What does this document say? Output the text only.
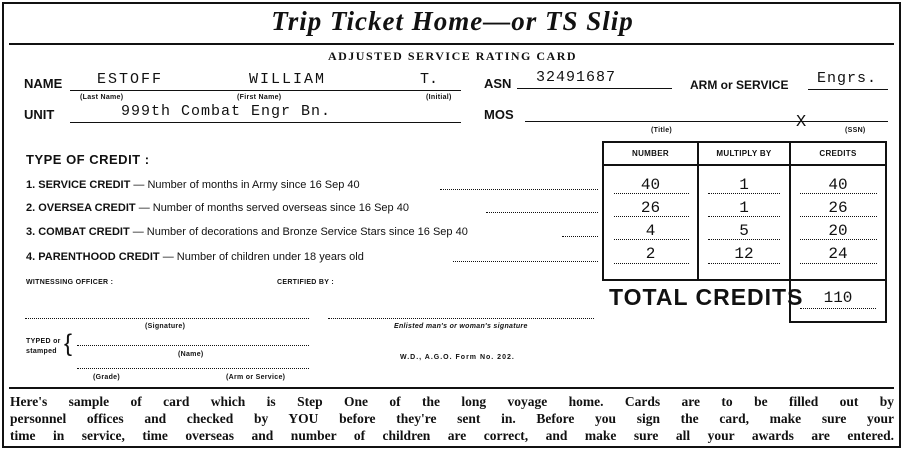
Trip Ticket Home—or TS Slip
ADJUSTED SERVICE RATING CARD
NAME ESTOFF	WILLIAM	T.
(Last Name)	(First Name)	(Initial)
ASN 32491687	ARM or SERVICE Engrs.
UNIT	999th Combat Engr Bn.	MOS	X
(Title)	(SSN)
TYPE OF CREDIT :
1. SERVICE CREDIT — Number of months in Army since 16 Sep 40
2. OVERSEA CREDIT — Number of months served overseas since 16 Sep 40
3. COMBAT CREDIT — Number of decorations and Bronze Service Stars since 16 Sep 40
4. PARENTHOOD CREDIT — Number of children under 18 years old
NUMBER	MULTIPLY BY	CREDITS
40	1	40
26	1	26
4	5	20
2	12	24
TOTAL CREDITS	110
WITNESSING OFFICER :	CERTIFIED BY :
(Signature)	Enlisted man's or woman's signature
TYPED or
stamped {	(Name)
(Grade)	(Arm or Service)
W.D., A.G.O. Form No. 202.
Here's sample of card which is Step One of the long voyage home. Cards are to be filled out by
personnel offices and checked by YOU before they're sent in. Before you sign the card, make sure your
time in service, time overseas and number of children are correct, and make sure all your awards are entered.
